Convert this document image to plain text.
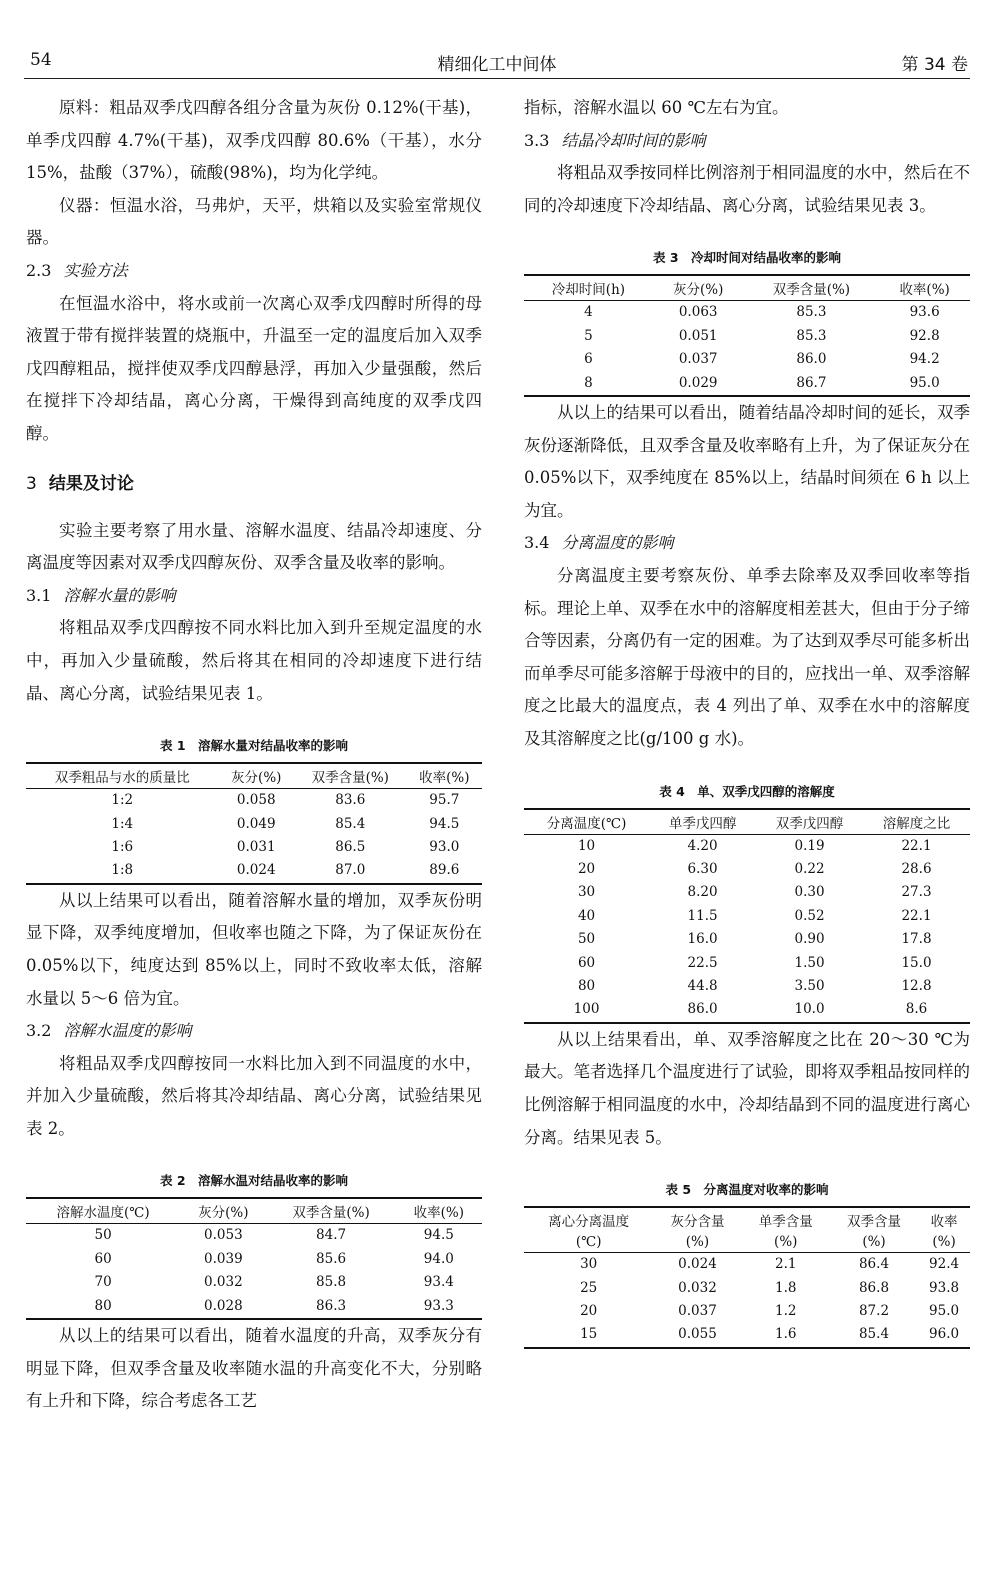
54	精细化工中间体	第 34 卷

原料：粗品双季戊四醇各组分含量为灰份 0.12%(干基)，单季戊四醇 4.7%(干基)，双季戊四醇 80.6%（干基），水分 15%，盐酸（37%），硫酸(98%)，均为化学纯。

仪器：恒温水浴，马弗炉，天平，烘箱以及实验室常规仪器。

2.3 实验方法

在恒温水浴中，将水或前一次离心双季戊四醇时所得的母液置于带有搅拌装置的烧瓶中，升温至一定的温度后加入双季戊四醇粗品，搅拌使双季戊四醇悬浮，再加入少量强酸，然后在搅拌下冷却结晶，离心分离，干燥得到高纯度的双季戊四醇。

3 结果及讨论

实验主要考察了用水量、溶解水温度、结晶冷却速度、分离温度等因素对双季戊四醇灰份、双季含量及收率的影响。

3.1 溶解水量的影响

将粗品双季戊四醇按不同水料比加入到升至规定温度的水中，再加入少量硫酸，然后将其在相同的冷却速度下进行结晶、离心分离，试验结果见表 1。

表 1　溶解水量对结晶收率的影响
双季粗品与水的质量比	灰分(%)	双季含量(%)	收率(%)
1:2	0.058	83.6	95.7
1:4	0.049	85.4	94.5
1:6	0.031	86.5	93.0
1:8	0.024	87.0	89.6

从以上结果可以看出，随着溶解水量的增加，双季灰份明显下降，双季纯度增加，但收率也随之下降，为了保证灰份在 0.05%以下，纯度达到 85%以上，同时不致收率太低，溶解水量以 5～6 倍为宜。

3.2 溶解水温度的影响

将粗品双季戊四醇按同一水料比加入到不同温度的水中，并加入少量硫酸，然后将其冷却结晶、离心分离，试验结果见表 2。

表 2　溶解水温对结晶收率的影响
溶解水温度(℃)	灰分(%)	双季含量(%)	收率(%)
50	0.053	84.7	94.5
60	0.039	85.6	94.0
70	0.032	85.8	93.4
80	0.028	86.3	93.3

从以上的结果可以看出，随着水温度的升高，双季灰分有明显下降，但双季含量及收率随水温的升高变化不大，分别略有上升和下降，综合考虑各工艺

指标，溶解水温以 60 ℃左右为宜。

3.3 结晶冷却时间的影响

将粗品双季按同样比例溶剂于相同温度的水中，然后在不同的冷却速度下冷却结晶、离心分离，试验结果见表 3。

表 3　冷却时间对结晶收率的影响
冷却时间(h)	灰分(%)	双季含量(%)	收率(%)
4	0.063	85.3	93.6
5	0.051	85.3	92.8
6	0.037	86.0	94.2
8	0.029	86.7	95.0

从以上的结果可以看出，随着结晶冷却时间的延长，双季灰份逐渐降低，且双季含量及收率略有上升，为了保证灰分在 0.05%以下，双季纯度在 85%以上，结晶时间须在 6 h 以上为宜。

3.4 分离温度的影响

分离温度主要考察灰份、单季去除率及双季回收率等指标。理论上单、双季在水中的溶解度相差甚大，但由于分子缔合等因素，分离仍有一定的困难。为了达到双季尽可能多析出而单季尽可能多溶解于母液中的目的，应找出一单、双季溶解度之比最大的温度点，表 4 列出了单、双季在水中的溶解度及其溶解度之比(g/100 g 水)。

表 4　单、双季戊四醇的溶解度
分离温度(℃)	单季戊四醇	双季戊四醇	溶解度之比
10	4.20	0.19	22.1
20	6.30	0.22	28.6
30	8.20	0.30	27.3
40	11.5	0.52	22.1
50	16.0	0.90	17.8
60	22.5	1.50	15.0
80	44.8	3.50	12.8
100	86.0	10.0	8.6

从以上结果看出，单、双季溶解度之比在 20～30 ℃为最大。笔者选择几个温度进行了试验，即将双季粗品按同样的比例溶解于相同温度的水中，冷却结晶到不同的温度进行离心分离。结果见表 5。

表 5　分离温度对收率的影响
离心分离温度	灰分含量	单季含量	双季含量	收率
(℃)	(%)	(%)	(%)	(%)
30	0.024	2.1	86.4	92.4
25	0.032	1.8	86.8	93.8
20	0.037	1.2	87.2	95.0
15	0.055	1.6	85.4	96.0
